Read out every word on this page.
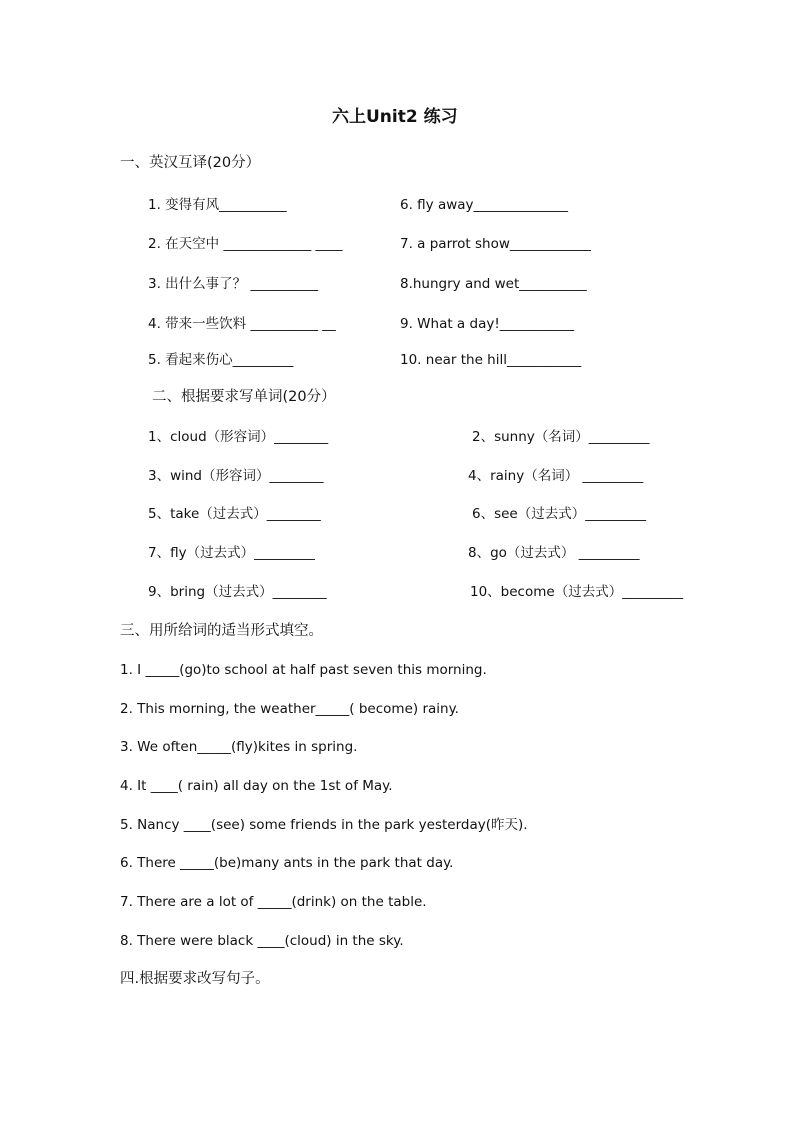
六上Unit2 练习
一、英汉互译(20分）
1. 变得有风__________	6. fly away______________
2. 在天空中 _____________ ____	7. a parrot show____________
3. 出什么事了？ __________	8.hungry and wet__________
4. 带来一些饮料 __________ __	9. What a day!___________
5. 看起来伤心_________	10. near the hill___________
二、根据要求写单词(20分）
1、cloud（形容词）________	2、sunny（名词）_________
3、wind（形容词）________	4、rainy（名词） _________
5、take（过去式）________	6、see（过去式）_________
7、fly（过去式）_________	8、go（过去式） _________
9、bring（过去式）________	10、become（过去式）_________
三、用所给词的适当形式填空。
1. I _____(go)to school at half past seven this morning.
2. This morning, the weather_____( become) rainy.
3. We often_____(fly)kites in spring.
4. It ____( rain) all day on the 1st of May.
5. Nancy ____(see) some friends in the park yesterday(昨天).
6. There _____(be)many ants in the park that day.
7. There are a lot of _____(drink) on the table.
8. There were black ____(cloud) in the sky.
四.根据要求改写句子。
